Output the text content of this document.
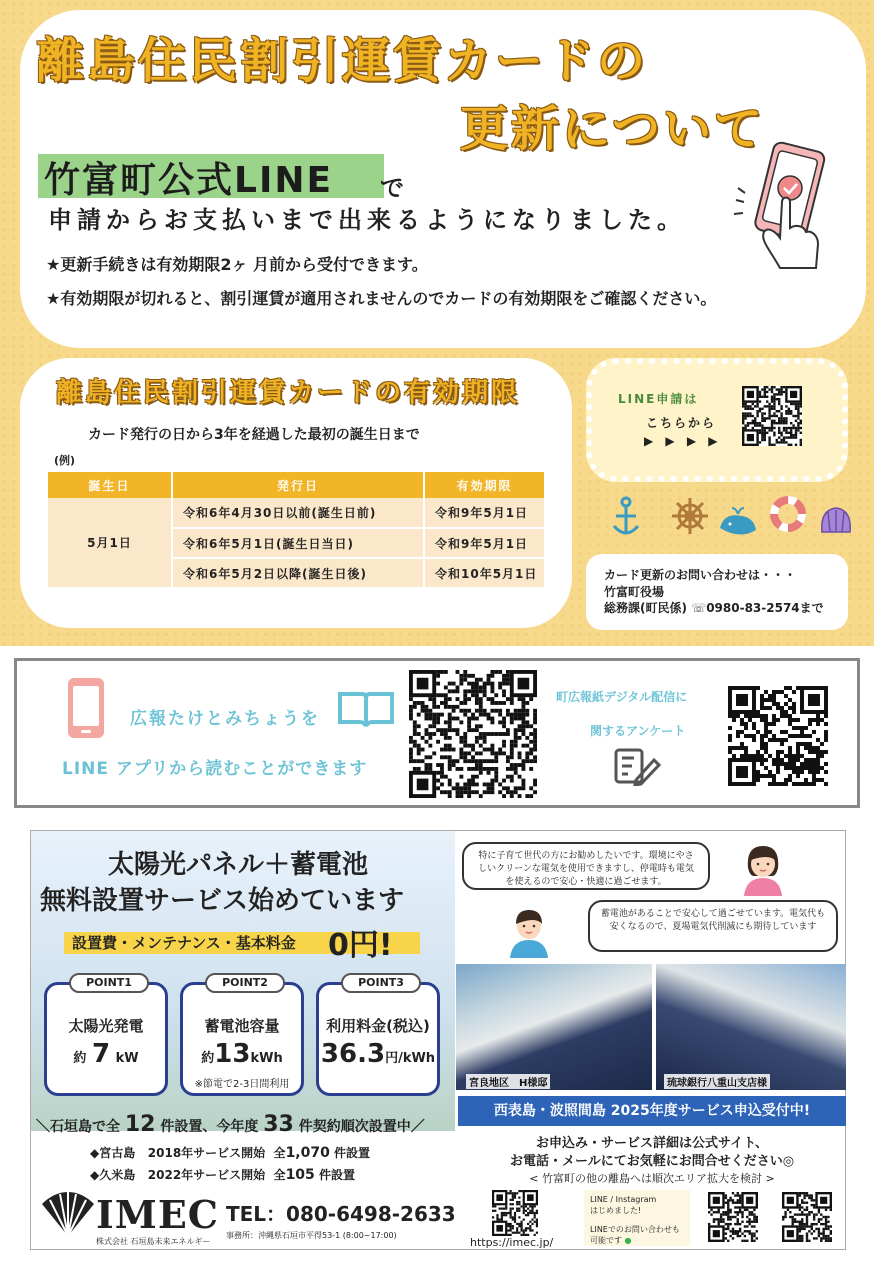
離島住民割引運賃カードの
更新について
竹富町公式LINE で
申請からお支払いまで出来るようになりました。
★更新手続きは有効期限2ヶ 月前から受付できます。
★有効期限が切れると、割引運賃が適用されませんのでカードの有効期限をご確認ください。
離島住民割引運賃カードの有効期限
カード発行の日から3年を経過した最初の誕生日まで
(例)
誕生日	発行日	有効期限
5月1日	令和6年4月30日以前(誕生日前)	令和9年5月1日
	令和6年5月1日(誕生日当日)	令和9年5月1日
	令和6年5月2日以降(誕生日後)	令和10年5月1日
LINE申請は
こちらから
▶ ▶ ▶ ▶
カード更新のお問い合わせは・・・
竹富町役場
総務課(町民係) ☏0980-83-2574まで
広報たけとみちょうを
LINE アプリから読むことができます
町広報紙デジタル配信に
関するアンケート
太陽光パネル＋蓄電池
無料設置サービス始めています
設置費・メンテナンス・基本料金 0円!
POINT1
太陽光発電
約 7 kW
POINT2
蓄電池容量
約13kWh
※節電で2-3日間利用
POINT3
利用料金(税込)
36.3円/kWh
＼石垣島で全 12 件設置、今年度 33 件契約順次設置中／
◆宮古島 2018年サービス開始 全1,070 件設置
◆久米島 2022年サービス開始 全105 件設置
特に子育て世代の方にお勧めしたいです。環境にやさしいクリーンな電気を使用できますし、停電時も電気を使えるので安心・快適に過ごせます。
蓄電池があることで安心して過ごせています。電気代も安くなるので、夏場電気代削減にも期待しています
宮良地区　H様邸	琉球銀行八重山支店様
西表島・波照間島 2025年度サービス申込受付中!
お申込み・サービス詳細は公式サイト、
お電話・メールにてお気軽にお問合せください◎
< 竹富町の他の離島へは順次エリア拡大を検討 >
IMEC
株式会社 石垣島未来エネルギー
TEL：080-6498-2633
事務所：沖縄県石垣市平得53-1 (8:00~17:00)
https://imec.jp/
LINE / Instagram
はじめました!
LINEでのお問い合わせも
可能です ●
